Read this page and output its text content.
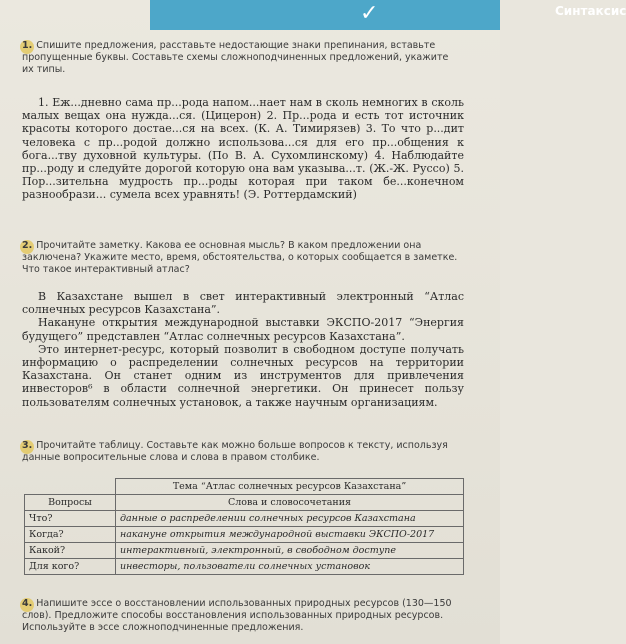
✓	Синтаксис
1. Спишите предложения, расставьте недостающие знаки препинания, вставьте пропущенные буквы. Составьте схемы сложноподчиненных предложений, укажите их типы.

1. Еж...дневно сама пр...рода напом...нает нам в сколь немногих в сколь малых вещах она нужда...ся. (Цицерон) 2. Пр...рода и есть тот источник красоты которого достае...ся на всех. (К. А. Тимирязев) 3. То что р...дит человека с пр...родой должно использова...ся для его пр...общения к бога...тву духовной культуры. (По В. А. Сухомлинскому) 4. Наблюдайте пр...роду и следуйте дорогой которую она вам указыва...т. (Ж.-Ж. Руссо) 5. Пор...зительна мудрость пр...роды которая при таком бе...конечном разнообрази... сумела всех уравнять! (Э. Роттердамский)

2. Прочитайте заметку. Какова ее основная мысль? В каком предложении она заключена? Укажите место, время, обстоятельства, о которых сообщается в заметке. Что такое интерактивный атлас?

В Казахстане вышел в свет интерактивный электронный “Атлас солнечных ресурсов Казахстана”.

Накануне открытия международной выставки ЭКСПО-2017 “Энергия будущего” представлен “Атлас солнечных ресурсов Казахстана”.

Это интернет-ресурс, который позволит в свободном доступе получать информацию о распределении солнечных ресурсов на территории Казахстана. Он станет одним из инструментов для привлечения инвесторов⁶ в области солнечной энергетики. Он принесет пользу пользователям солнечных установок, а также научным организациям.

3. Прочитайте таблицу. Составьте как можно больше вопросов к тексту, используя данные вопросительные слова и слова в правом столбике.
	Тема “Атлас солнечных ресурсов Казахстана”
Вопросы	Слова и словосочетания
Что?	данные о распределении солнечных ресурсов Казахстана
Когда?	накануне открытия международной выставки ЭКСПО-2017
Какой?	интерактивный, электронный, в свободном доступе
Для кого?	инвесторы, пользователи солнечных установок
4. Напишите эссе о восстановлении использованных природных ресурсов (130—150 слов). Предложите способы восстановления использованных природных ресурсов. Используйте в эссе сложноподчиненные предложения.
